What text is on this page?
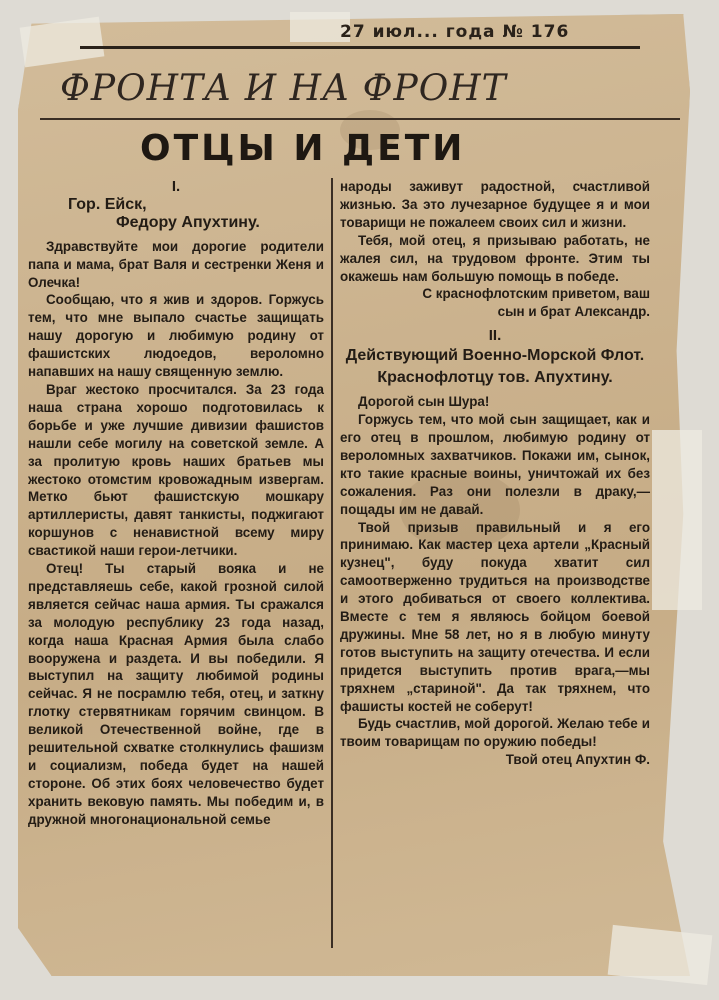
27 июл... года № 176
ФРОНТА И НА ФРОНТ
ОТЦЫ И ДЕТИ

I.

Гор. Ейск,

Федору Апухтину.

Здравствуйте мои дорогие родители папа и мама, брат Валя и сестренки Женя и Олечка!

Сообщаю, что я жив и здоров. Горжусь тем, что мне выпало счастье защищать нашу дорогую и любимую родину от фашистских людоедов, вероломно напавших на нашу священную землю.

Враг жестоко просчитался. За 23 года наша страна хорошо подготовилась к борьбе и уже лучшие дивизии фашистов нашли себе могилу на советской земле. А за пролитую кровь наших братьев мы жестоко отомстим кровожадным извергам. Метко бьют фашистскую мошкару артиллеристы, давят танкисты, поджигают коршунов с ненавистной всему миру свастикой наши герои-летчики.

Отец! Ты старый вояка и не представляешь себе, какой грозной силой является сейчас наша армия. Ты сражался за молодую республику 23 года назад, когда наша Красная Армия была слабо вооружена и раздета. И вы победили. Я выступил на защиту любимой родины сейчас. Я не посрамлю тебя, отец, и заткну глотку стервятникам горячим свинцом. В великой Отечественной войне, где в решительной схватке столкнулись фашизм и социализм, победа будет на нашей стороне. Об этих боях человечество будет хранить вековую память. Мы победим и, в дружной многонациональной семье

народы заживут радостной, счастливой жизнью. За это лучезарное будущее я и мои товарищи не пожалеем своих сил и жизни.

Тебя, мой отец, я призываю работать, не жалея сил, на трудовом фронте. Этим ты окажешь нам большую помощь в победе.

С краснофлотским приветом, ваш сын и брат Александр.

II.

Действующий Военно-Морской Флот. Краснофлотцу тов. Апухтину.

Дорогой сын Шура!

Горжусь тем, что мой сын защищает, как и его отец в прошлом, любимую родину от вероломных захватчиков. Покажи им, сынок, кто такие красные воины, уничтожай их без сожаления. Раз они полезли в драку,—пощады им не давай.

Твой призыв правильный и я его принимаю. Как мастер цеха артели „Красный кузнец", буду покуда хватит сил самоотверженно трудиться на производстве и этого добиваться от своего коллектива. Вместе с тем я являюсь бойцом боевой дружины. Мне 58 лет, но я в любую минуту готов выступить на защиту отечества. И если придется выступить против врага,—мы тряхнем „стариной". Да так тряхнем, что фашисты костей не соберут!

Будь счастлив, мой дорогой. Желаю тебе и твоим товарищам по оружию победы!

Твой отец Апухтин Ф.
